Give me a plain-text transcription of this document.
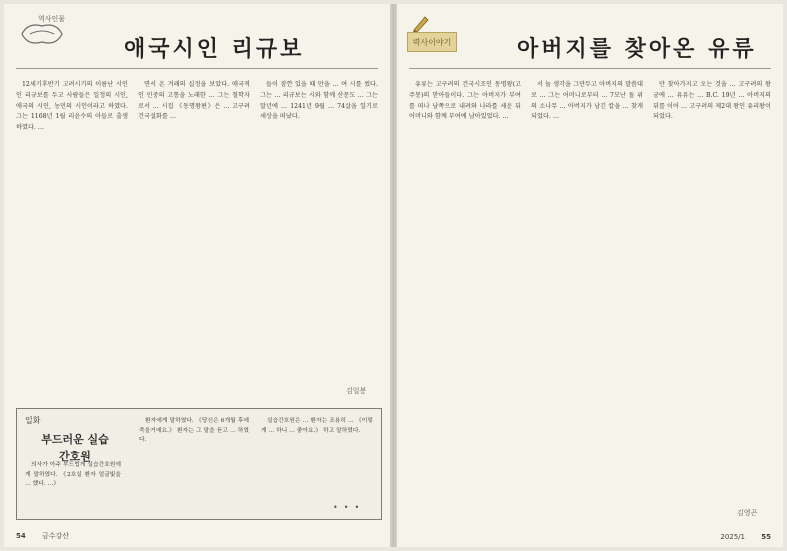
역사인물
애국시인 리규보

12세기후반기 고려시기의 이름난 시인인 리규보를 두고 사람들은 일정의 시인, 애국의 시인, 농민의 시인이라고 하였다. 그는 1168년 1월 리윤수의 아들로 출생하였다. …

면서 온 겨레의 실정을 보았다. 애국적인 민중의 고통을 노래한 … 그는 철학자로서 … 시집 《동명왕편》은 … 고구려 건국설화를 …

들이 잠깐 있을 때 만을 … 여 시를 썼다. 그는 … 리규보는 시와 함께 산문도 … 그는 말년에 … 1241년 9월 … 74살을 일기로 세상을 떠났다.

김일봉
일화
부드러운 실습 간호원

의사가 아주 부드럽게 실습간호원에게 말하였다. 《2호실 환자 얼굴빛을 … 했다. …》

환자에게 말하였다. 《당신은 6개월 후에 죽을거예요.》 환자는 그 말을 듣고 … 하였다.

실습간호원은 … 환자는 조용히 … 《이렇게 … 하니 … 좋아요.》 하고 말하였다.

•••
54 금수강산
력사이야기	아버지를 찾아온 유류

유류는 고구려의 건국시조인 동명왕(고주몽)의 맏아들이다. 그는 아버지가 부여를 떠나 남쪽으로 내려와 나라를 세운 뒤 어머니와 함께 부여에 남아있었다. …

서 놀 생각을 그만두고 아버지의 말씀대로 … 그는 어머니로부터 … 7모난 돌 위의 소나무 … 아버지가 남긴 칼을 … 찾게 되었다. …

만 찾아가지고 오는 것을 … 고구려의 왕궁에 … 유류는 … B.C. 19년 … 아버지의 뒤를 이어 … 고구려의 제2대 왕인 유리왕이 되었다.

김영곤
2025/1 55
